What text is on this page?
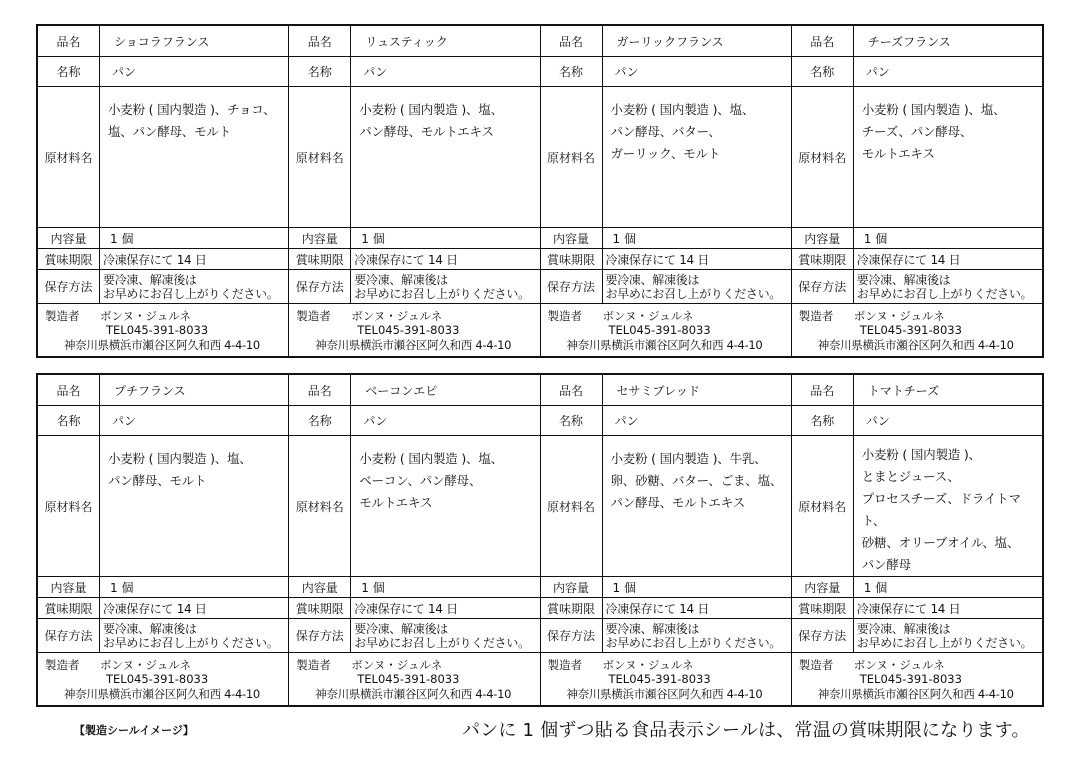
品名	ショコラフランス
名称	パン
原材料名
小麦粉 ( 国内製造 )、チョコ、
塩、パン酵母、モルト
内容量	1 個
賞味期限 冷凍保存にて 14 日
保存方法
要冷凍、解凍後は
お早めにお召し上がりください。
製造者 ボンヌ・ジュルネ
TEL045-391-8033
神奈川県横浜市瀬谷区阿久和西 4-4-10
品名	リュスティック
名称	パン
原材料名
小麦粉 ( 国内製造 )、塩、
パン酵母、モルトエキス
内容量	1 個
賞味期限 冷凍保存にて 14 日
保存方法
要冷凍、解凍後は
お早めにお召し上がりください。
製造者 ボンヌ・ジュルネ
TEL045-391-8033
神奈川県横浜市瀬谷区阿久和西 4-4-10
品名	ガーリックフランス
名称	パン
原材料名
小麦粉 ( 国内製造 )、塩、
パン酵母、バター、
ガーリック、モルト
内容量	1 個
賞味期限 冷凍保存にて 14 日
保存方法
要冷凍、解凍後は
お早めにお召し上がりください。
製造者 ボンヌ・ジュルネ
TEL045-391-8033
神奈川県横浜市瀬谷区阿久和西 4-4-10
品名	チーズフランス
名称	パン
原材料名
小麦粉 ( 国内製造 )、塩、
チーズ、パン酵母、
モルトエキス
内容量	1 個
賞味期限 冷凍保存にて 14 日
保存方法
要冷凍、解凍後は
お早めにお召し上がりください。
製造者 ボンヌ・ジュルネ
TEL045-391-8033
神奈川県横浜市瀬谷区阿久和西 4-4-10
品名	プチフランス
名称	パン
原材料名
小麦粉 ( 国内製造 )、塩、
パン酵母、モルト
内容量	1 個
賞味期限 冷凍保存にて 14 日
保存方法
要冷凍、解凍後は
お早めにお召し上がりください。
製造者 ボンヌ・ジュルネ
TEL045-391-8033
神奈川県横浜市瀬谷区阿久和西 4-4-10
品名	ベーコンエピ
名称	パン
原材料名
小麦粉 ( 国内製造 )、塩、
ベーコン、パン酵母、
モルトエキス
内容量	1 個
賞味期限 冷凍保存にて 14 日
保存方法
要冷凍、解凍後は
お早めにお召し上がりください。
製造者 ボンヌ・ジュルネ
TEL045-391-8033
神奈川県横浜市瀬谷区阿久和西 4-4-10
品名	セサミブレッド
名称	パン
原材料名
小麦粉 ( 国内製造 )、牛乳、
卵、砂糖、バター、ごま、塩、
パン酵母、モルトエキス
内容量	1 個
賞味期限 冷凍保存にて 14 日
保存方法
要冷凍、解凍後は
お早めにお召し上がりください。
製造者 ボンヌ・ジュルネ
TEL045-391-8033
神奈川県横浜市瀬谷区阿久和西 4-4-10
品名	トマトチーズ
名称	パン
原材料名
小麦粉 ( 国内製造 )、
とまとジュース、
プロセスチーズ、ドライトマト、
砂糖、オリーブオイル、塩、
パン酵母
内容量	1 個
賞味期限 冷凍保存にて 14 日
保存方法
要冷凍、解凍後は
お早めにお召し上がりください。
製造者 ボンヌ・ジュルネ
TEL045-391-8033
神奈川県横浜市瀬谷区阿久和西 4-4-10
【製造シールイメージ】	パンに 1 個ずつ貼る食品表示シールは、常温の賞味期限になります。
